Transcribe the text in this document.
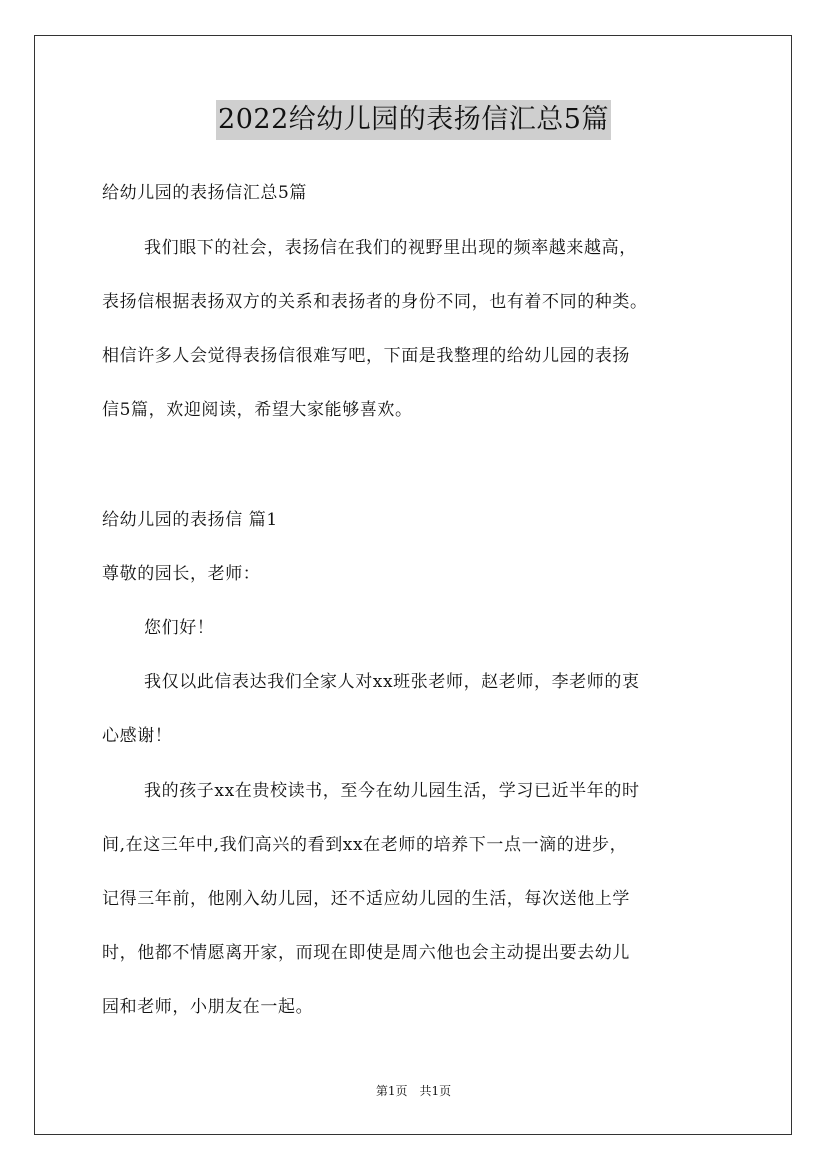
2022给幼儿园的表扬信汇总5篇
给幼儿园的表扬信汇总5篇
我们眼下的社会，表扬信在我们的视野里出现的频率越来越高，
表扬信根据表扬双方的关系和表扬者的身份不同，也有着不同的种类。
相信许多人会觉得表扬信很难写吧，下面是我整理的给幼儿园的表扬
信5篇，欢迎阅读，希望大家能够喜欢。
给幼儿园的表扬信 篇1
尊敬的园长，老师：
您们好！
我仅以此信表达我们全家人对xx班张老师，赵老师，李老师的衷
心感谢！
我的孩子xx在贵校读书，至今在幼儿园生活，学习已近半年的时
间,在这三年中,我们高兴的看到xx在老师的培养下一点一滴的进步，
记得三年前，他刚入幼儿园，还不适应幼儿园的生活，每次送他上学
时，他都不情愿离开家，而现在即使是周六他也会主动提出要去幼儿
园和老师，小朋友在一起。
第1页 共1页
